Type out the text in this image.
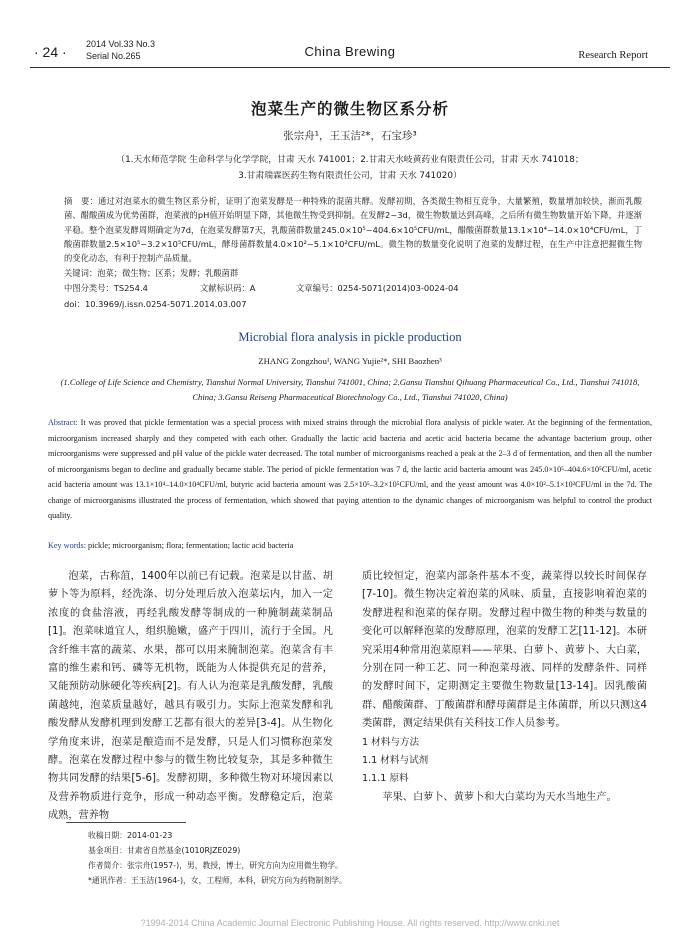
· 24 · 2014 Vol.33 No.3
Serial No.265	China Brewing	Research Report
泡菜生产的微生物区系分析
张宗舟¹，王玉洁²*，石宝珍³
（1.天水师范学院 生命科学与化学学院，甘肃 天水 741001；2.甘肃天水岐黄药业有限责任公司，甘肃 天水 741018；
3.甘肃瑞霖医药生物有限责任公司，甘肃 天水 741020）
摘　要：通过对泡菜水的微生物区系分析，证明了泡菜发酵是一种特殊的混菌共酵。发酵初期，各类微生物相互竞争，大量繁殖，数量增加较快，渐而乳酸菌、醋酸菌成为优势菌群，泡菜液的pH值开始明显下降，其他微生物受到抑制。在发酵2~3d，微生物数量达到高峰，之后所有微生物数量开始下降，并逐渐平稳。整个泡菜发酵周期确定为7d，在泡菜发酵第7天，乳酸菌群数量245.0×10⁵~404.6×10⁵CFU/mL，醋酸菌群数量13.1×10⁴~14.0×10⁴CFU/mL，丁酸菌群数量2.5×10⁵~3.2×10⁵CFU/mL，酵母菌群数量4.0×10²~5.1×10²CFU/mL。微生物的数量变化说明了泡菜的发酵过程，在生产中注意把握微生物的变化动态，有利于控制产品质量。
关键词：泡菜；微生物；区系；发酵；乳酸菌群
中图分类号：TS254.4	文献标识码：A	文章编号：0254-5071(2014)03-0024-04
doi：10.3969/j.issn.0254-5071.2014.03.007
Microbial flora analysis in pickle production
ZHANG Zongzhou¹, WANG Yujie²*, SHI Baozhen³
(1.College of Life Science and Chemistry, Tianshui Normal University, Tianshui 741001, China; 2.Gansu Tianshui Qihuang Pharmaceutical Co., Ltd., Tianshui 741018, China; 3.Gansu Reiseng Pharmaceutical Biotechnology Co., Ltd., Tianshui 741020, China)
Abstract: It was proved that pickle fermentation was a special process with mixed strains through the microbial flora analysis of pickle water. At the beginning of the fermentation, microorganism increased sharply and they competed with each other. Gradually the lactic acid bacteria and acetic acid bacteria became the advantage bacterium group, other microorganisms were suppressed and pH value of the pickle water decreased. The total number of microorganisms reached a peak at the 2–3 d of fermentation, and then all the number of microorganisms began to decline and gradually became stable. The period of pickle fermentation was 7 d, the lactic acid bacteria amount was 245.0×10⁵–404.6×10⁵CFU/ml, acetic acid bacteria amount was 13.1×10⁴–14.0×10⁴CFU/ml, butyric acid bacteria amount was 2.5×10⁵–3.2×10⁵CFU/ml, and the yeast amount was 4.0×10²–5.1×10²CFU/ml in the 7d. The change of microorganisms illustrated the process of fermentation, which showed that paying attention to the dynamic changes of microorganism was helpful to control the product quality.
Key words: pickle; microorganism; flora; fermentation; lactic acid bacteria

泡菜，古称菹，1400年以前已有记载。泡菜是以甘蓝、胡萝卜等为原料，经洗涤、切分处理后放入泡菜坛内，加入一定浓度的食盐溶液，再经乳酸发酵等制成的一种腌制蔬菜制品[1]。泡菜味道宜人，组织脆嫩，盛产于四川，流行于全国。凡含纤维丰富的蔬菜、水果，都可以用来腌制泡菜。泡菜含有丰富的维生素和钙、磷等无机物，既能为人体提供充足的营养，又能预防动脉硬化等疾病[2]。有人认为泡菜是乳酸发酵，乳酸菌越纯，泡菜质量越好，越具有吸引力。实际上泡菜发酵和乳酸发酵从发酵机理到发酵工艺都有很大的差异[3-4]。从生物化学角度来讲，泡菜是酿造而不是发酵，只是人们习惯称泡菜发酵。泡菜在发酵过程中参与的微生物比较复杂，其是多种微生物共同发酵的结果[5-6]。发酵初期，多种微生物对环境因素以及营养物质进行竞争，形成一种动态平衡。发酵稳定后，泡菜成熟，营养物

质比较恒定，泡菜内部条件基本不变，蔬菜得以较长时间保存[7-10]。微生物决定着泡菜的风味、质量，直接影响着泡菜的发酵进程和泡菜的保存期。发酵过程中微生物的种类与数量的变化可以解释泡菜的发酵原理，泡菜的发酵工艺[11-12]。本研究采用4种常用泡菜原料——苹果、白萝卜、黄萝卜、大白菜，分别在同一种工艺、同一种泡菜母液、同样的发酵条件、同样的发酵时间下，定期测定主要微生物数量[13-14]。因乳酸菌群、醋酸菌群、丁酸菌群和酵母菌群是主体菌群，所以只测这4类菌群，测定结果供有关科技工作人员参考。

1 材料与方法

1.1 材料与试剂

1.1.1 原料

苹果、白萝卜、黄萝卜和大白菜均为天水当地生产。

收稿日期：2014-01-23

基金项目：甘肃省自然基金(1010RJZE029)

作者简介：张宗舟(1957-)，男，教授，博士，研究方向为应用微生物学。

*通讯作者：王玉洁(1964-)，女，工程师，本科，研究方向为药物制剂学。

?1994-2014 China Academic Journal Electronic Publishing House. All rights reserved. http://www.cnki.net
